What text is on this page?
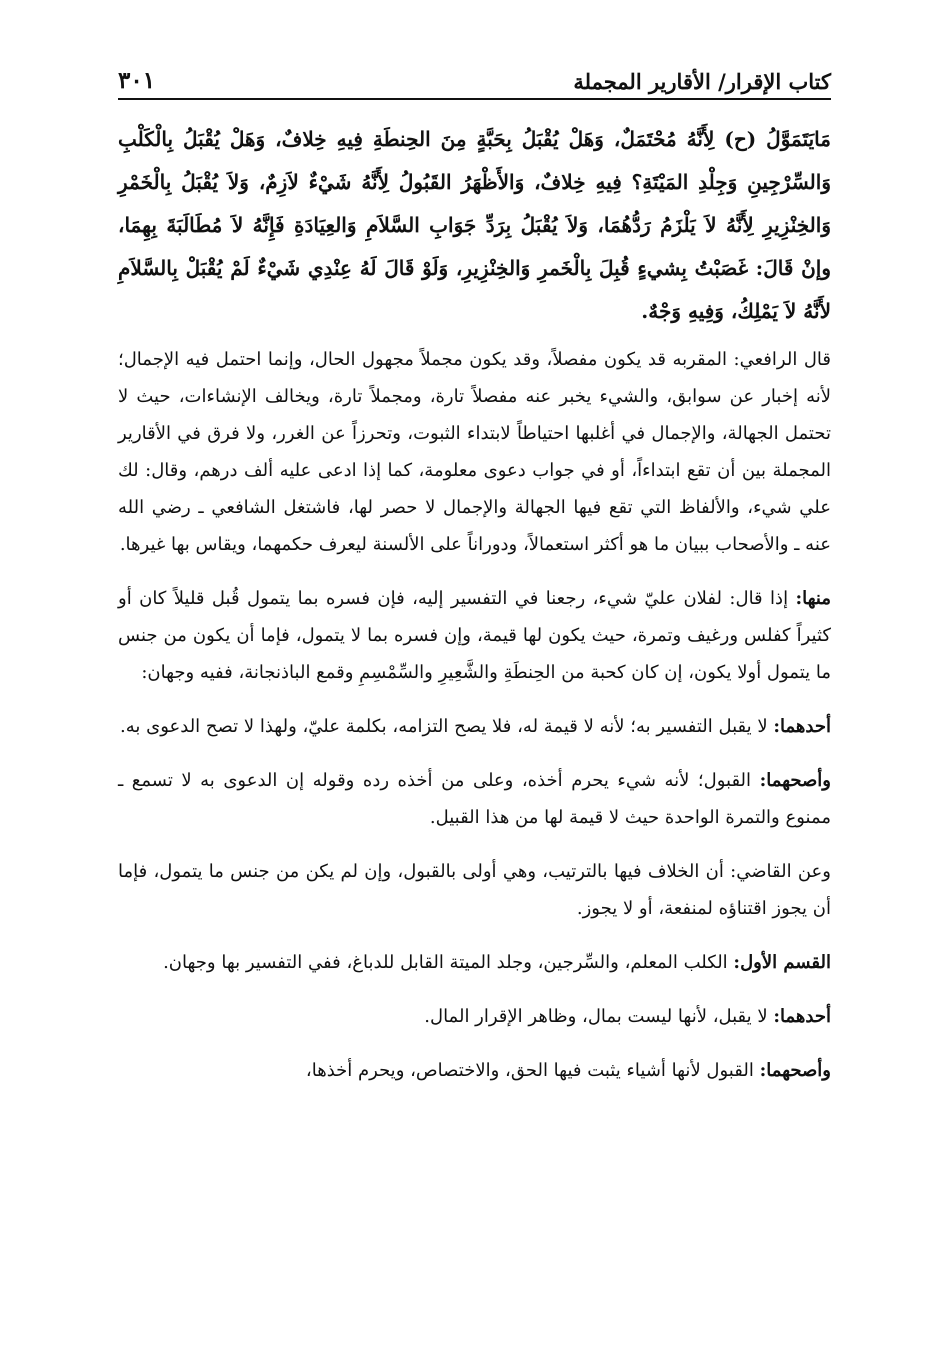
كتاب الإقرار/ الأقارير المجملة
٣٠١

مَايَتَمَوَّلُ (ح) لِأَنَّهُ مُحْتَمَلٌ، وَهَلْ يُقْبَلُ بِحَبَّةٍ مِنَ الحِنطَةِ فِيهِ خِلافٌ، وَهَلْ يُقْبَلُ بِالْكَلْبِ وَالسِّرْجِينِ وَجِلْدِ المَيْتَةِ؟ فِيهِ خِلافٌ، وَالأَظْهَرُ القَبُولُ لِأَنَّهُ شَيْءٌ لاَزِمٌ، وَلاَ يُقْبَلُ بِالْخَمْرِ وَالخِنْزِيرِ لِأَنَّهُ لاَ يَلْزَمُ رَدُّهُمَا، وَلاَ يُقْبَلُ بِرَدِّ جَوَابِ السَّلاَمِ وَالعِيَادَةِ فَإِنَّهُ لاَ مُطَالَبَةَ بِهِمَا، وإنْ قَالَ: غَصَبْتُ بِشيءٍ قُبِلَ بِالْخَمرِ وَالخِنْزِيرِ، وَلَوْ قَالَ لَهُ عِنْدِي شَيْءٌ لَمْ يُقْبَلْ بِالسَّلاَمِ لأَنَّهُ لاَ يَمْلِكُ، وَفِيهِ وَجْهٌ.

قال الرافعي: المقربه قد يكون مفصلاً، وقد يكون مجملاً مجهول الحال، وإنما احتمل فيه الإجمال؛ لأنه إخبار عن سوابق، والشيء يخبر عنه مفصلاً تارة، ومجملاً تارة، ويخالف الإنشاءات، حيث لا تحتمل الجهالة، والإجمال في أغلبها احتياطاً لابتداء الثبوت، وتحرزاً عن الغرر، ولا فرق في الأقارير المجملة بين أن تقع ابتداءاً، أو في جواب دعوى معلومة، كما إذا ادعى عليه ألف درهم، وقال: لك علي شيء، والألفاظ التي تقع فيها الجهالة والإجمال لا حصر لها، فاشتغل الشافعي ـ رضي الله عنه ـ والأصحاب ببيان ما هو أكثر استعمالاً، ودوراناً على الألسنة ليعرف حكمهما، ويقاس بها غيرها.

منها: إذا قال: لفلان عليّ شيء، رجعنا في التفسير إليه، فإن فسره بما يتمول قُبل قليلاً كان أو كثيراً كفلس ورغيف وتمرة، حيث يكون لها قيمة، وإن فسره بما لا يتمول، فإما أن يكون من جنس ما يتمول أولا يكون، إن كان كحبة من الحِنطَةِ والشَّعِيرِ والسِّمْسِمِ وقمع الباذنجانة، ففيه وجهان:

أحدهما: لا يقبل التفسير به؛ لأنه لا قيمة له، فلا يصح التزامه، بكلمة عليّ، ولهذا لا تصح الدعوى به.

وأصحهما: القبول؛ لأنه شيء يحرم أخذه، وعلى من أخذه رده وقوله إن الدعوى به لا تسمع ـ ممنوع والتمرة الواحدة حيث لا قيمة لها من هذا القبيل.

وعن القاضي: أن الخلاف فيها بالترتيب، وهي أولى بالقبول، وإن لم يكن من جنس ما يتمول، فإما أن يجوز اقتناؤه لمنفعة، أو لا يجوز.

القسم الأول: الكلب المعلم، والسِّرجين، وجلد الميتة القابل للدباغ، ففي التفسير بها وجهان.

أحدهما: لا يقبل، لأنها ليست بمال، وظاهر الإقرار المال.

وأصحهما: القبول لأنها أشياء يثبت فيها الحق، والاختصاص، ويحرم أخذها،
